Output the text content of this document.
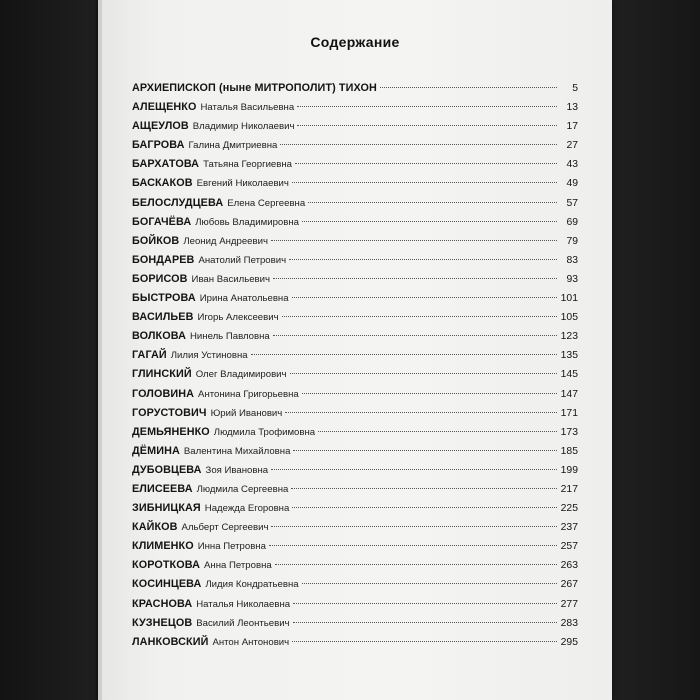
Содержание
АРХИЕПИСКОП (ныне МИТРОПОЛИТ) ТИХОН	5
АЛЕЩЕНКО Наталья Васильевна	13
АЩЕУЛОВ Владимир Николаевич	17
БАГРОВА Галина Дмитриевна	27
БАРХАТОВА Татьяна Георгиевна	43
БАСКАКОВ Евгений Николаевич	49
БЕЛОСЛУДЦЕВА Елена Сергеевна	57
БОГАЧЁВА Любовь Владимировна	69
БОЙКОВ Леонид Андреевич	79
БОНДАРЕВ Анатолий Петрович	83
БОРИСОВ Иван Васильевич	93
БЫСТРОВА Ирина Анатольевна	101
ВАСИЛЬЕВ Игорь Алексеевич	105
ВОЛКОВА Нинель Павловна	123
ГАГАЙ Лилия Устиновна	135
ГЛИНСКИЙ Олег Владимирович	145
ГОЛОВИНА Антонина Григорьевна	147
ГОРУСТОВИЧ Юрий Иванович	171
ДЕМЬЯНЕНКО Людмила Трофимовна	173
ДЁМИНА Валентина Михайловна	185
ДУБОВЦЕВА Зоя Ивановна	199
ЕЛИСЕЕВА Людмила Сергеевна	217
ЗИБНИЦКАЯ Надежда Егоровна	225
КАЙКОВ Альберт Сергеевич	237
КЛИМЕНКО Инна Петровна	257
КОРОТКОВА Анна Петровна	263
КОСИНЦЕВА Лидия Кондратьевна	267
КРАСНОВА Наталья Николаевна	277
КУЗНЕЦОВ Василий Леонтьевич	283
ЛАНКОВСКИЙ Антон Антонович	295
